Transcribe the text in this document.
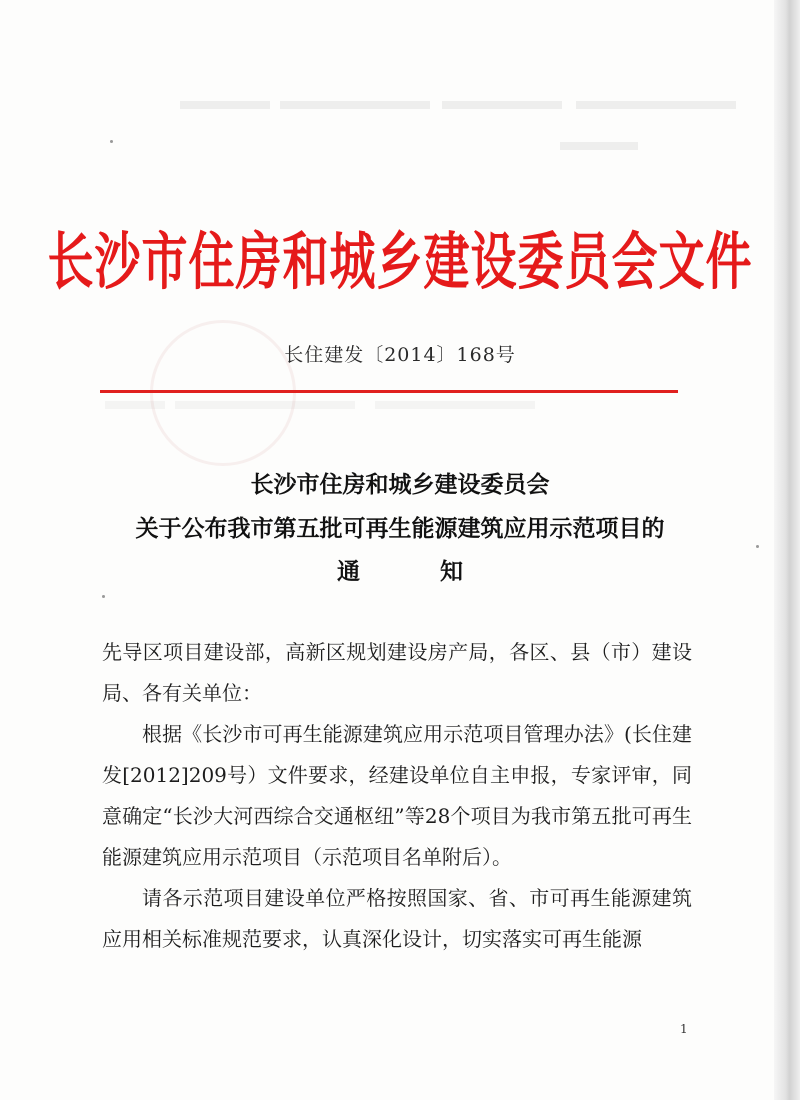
长沙市住房和城乡建设委员会文件
长住建发〔2014〕168号
长沙市住房和城乡建设委员会
关于公布我市第五批可再生能源建筑应用示范项目的
通	知

先导区项目建设部，高新区规划建设房产局，各区、县（市）建设局、各有关单位：

根据《长沙市可再生能源建筑应用示范项目管理办法》(长住建发[2012]209号）文件要求，经建设单位自主申报，专家评审，同意确定“长沙大河西综合交通枢纽”等28个项目为我市第五批可再生能源建筑应用示范项目（示范项目名单附后）。

请各示范项目建设单位严格按照国家、省、市可再生能源建筑应用相关标准规范要求，认真深化设计，切实落实可再生能源

1
